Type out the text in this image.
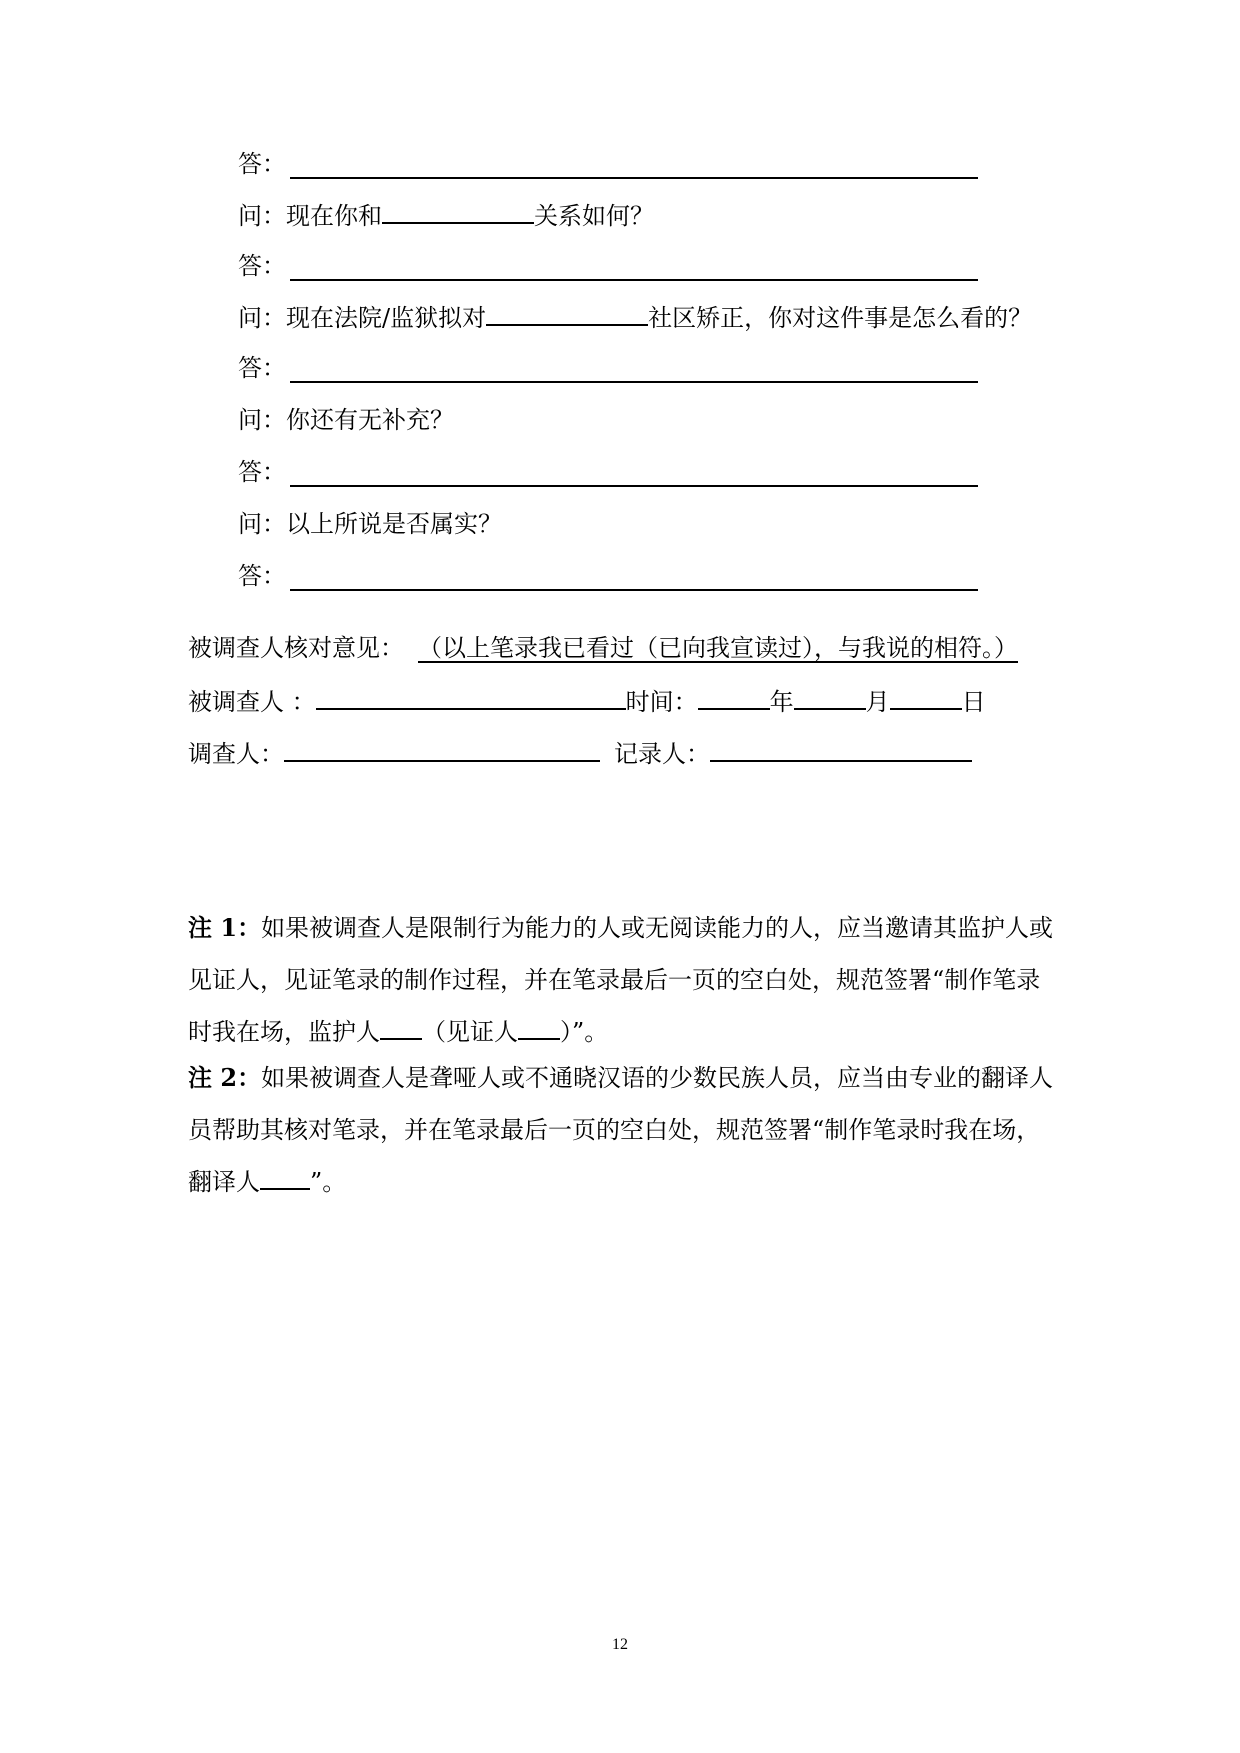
答：
问：现在你和	关系如何？
答：
问：现在法院/监狱拟对	社区矫正，你对这件事是怎么看的？
答：
问：你还有无补充？
答：
问：以上所说是否属实？
答：
被调查人核对意见： （以上笔录我已看过（已向我宣读过），与我说的相符。）
被调查人 ：	时间：	年	月	日
调查人：	记录人：
注 1：如果被调查人是限制行为能力的人或无阅读能力的人，应当邀请其监护人或见证人，见证笔录的制作过程，并在笔录最后一页的空白处，规范签署“制作笔录时我在场，监护人 （见证人 ）”。
注 2：如果被调查人是聋哑人或不通晓汉语的少数民族人员，应当由专业的翻译人员帮助其核对笔录，并在笔录最后一页的空白处，规范签署“制作笔录时我在场，翻译人 ”。
12
